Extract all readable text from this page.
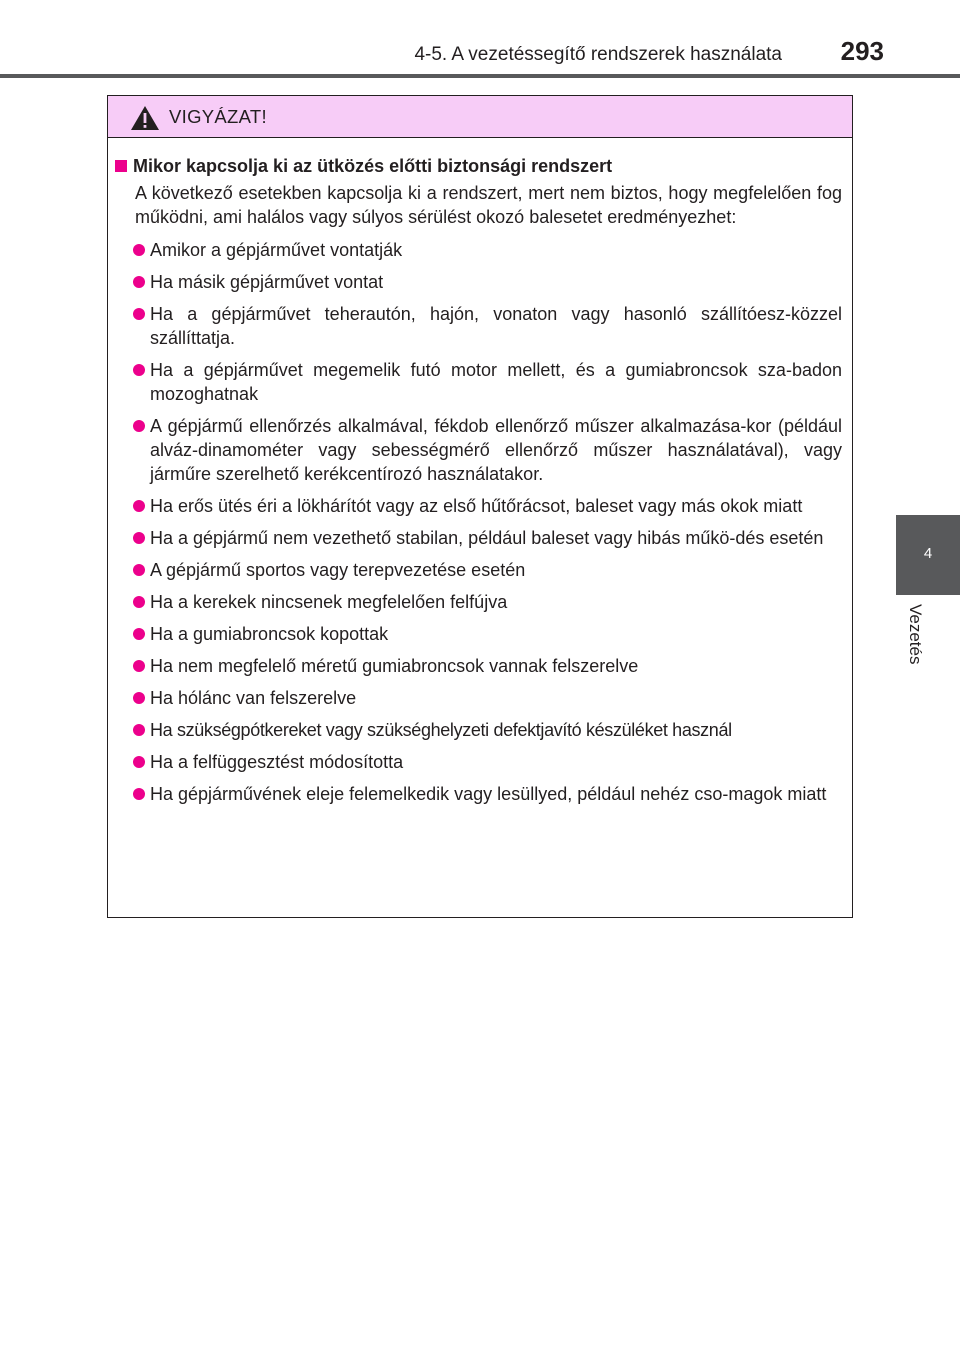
4-5. A vezetéssegítő rendszerek használata 293
4
Vezetés
VIGYÁZAT!
Mikor kapcsolja ki az ütközés előtti biztonsági rendszert

A következő esetekben kapcsolja ki a rendszert, mert nem biztos, hogy megfelelően fog működni, ami halálos vagy súlyos sérülést okozó balesetet eredményezhet:

Amikor a gépjárművet vontatják
Ha másik gépjárművet vontat
Ha a gépjárművet teherautón, hajón, vonaton vagy hasonló szállítóesz-közzel szállíttatja.
Ha a gépjárművet megemelik futó motor mellett, és a gumiabroncsok sza-badon mozoghatnak
A gépjármű ellenőrzés alkalmával, fékdob ellenőrző műszer alkalmazása-kor (például alváz-dinamométer vagy sebességmérő ellenőrző műszer használatával), vagy járműre szerelhető kerékcentírozó használatakor.
Ha erős ütés éri a lökhárítót vagy az első hűtőrácsot, baleset vagy más okok miatt
Ha a gépjármű nem vezethető stabilan, például baleset vagy hibás műkö-dés esetén
A gépjármű sportos vagy terepvezetése esetén
Ha a kerekek nincsenek megfelelően felfújva
Ha a gumiabroncsok kopottak
Ha nem megfelelő méretű gumiabroncsok vannak felszerelve
Ha hólánc van felszerelve
Ha szükségpótkereket vagy szükséghelyzeti defektjavító készüléket használ
Ha a felfüggesztést módosította
Ha gépjárművének eleje felemelkedik vagy lesüllyed, például nehéz cso-magok miatt
